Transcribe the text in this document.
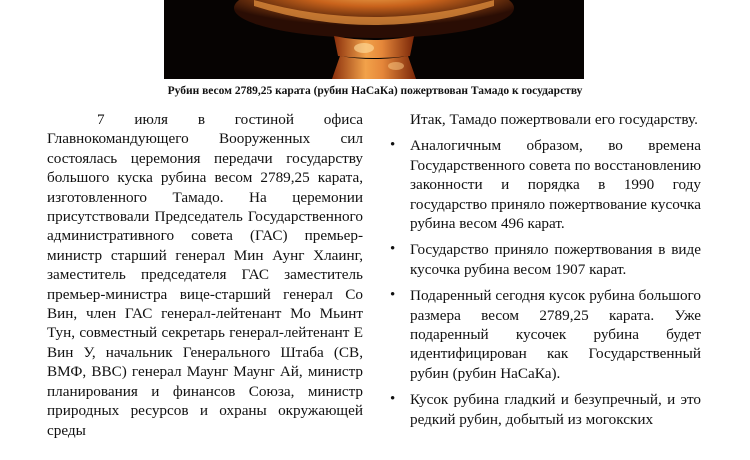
Рубин весом 2789,25 карата (рубин НаСаКа) пожертвован Тамадо к государству

7 июля в гостиной офиса Главнокомандующего Вооруженных сил состоялась церемония передачи государству большого куска рубина весом 2789,25 карата, изготовленного Тамадо. На церемонии присутствовали Председатель Государственного административного совета (ГАС) премьер-министр старший генерал Мин Аунг Хлаинг, заместитель председателя ГАС заместитель премьер-министра вице-старший генерал Со Вин, член ГАС генерал-лейтенант Мо Мьинт Тун, совместный секретарь генерал-лейтенант Е Вин У, начальник Генерального Штаба (СВ, ВМФ, ВВС) генерал Маунг Маунг Ай, министр планирования и финансов Союза, министр природных ресурсов и охраны окружающей среды

Итак, Тамадо пожертвовали его государству.

• Аналогичным образом, во времена Государственного совета по восстановлению законности и порядка в 1990 году государство приняло пожертвование кусочка рубина весом 496 карат.
• Государство приняло пожертвования в виде кусочка рубина весом 1907 карат.
• Подаренный сегодня кусок рубина большого размера весом 2789,25 карата. Уже подаренный кусочек рубина будет идентифицирован как Государственный рубин (рубин НаСаКа).
• Кусок рубина гладкий и безупречный, и это редкий рубин, добытый из могокских
